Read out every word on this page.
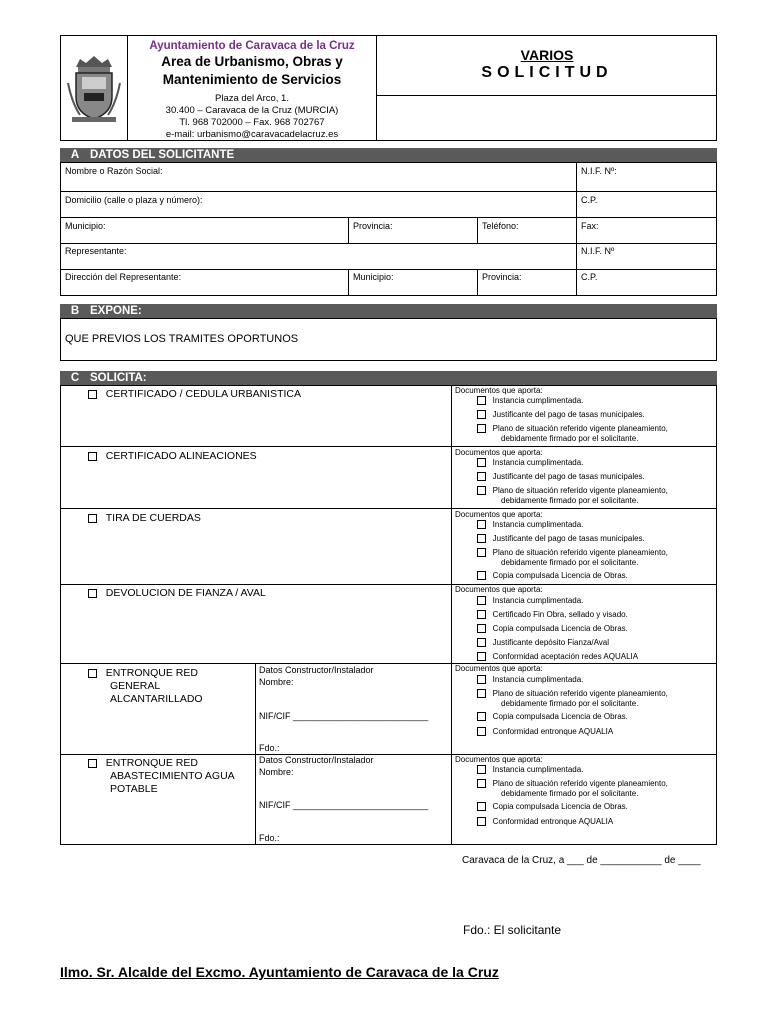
Ayuntamiento de Caravaca de la Cruz
Area de Urbanismo, Obras y
Mantenimiento de Servicios
Plaza del Arco, 1.
30.400 – Caravaca de la Cruz (MURCIA)
Tl. 968 702000 – Fax. 968 702767
e-mail: urbanismo@caravacadelacruz.es
VARIOS
SOLICITUD
A DATOS DEL SOLICITANTE
Nombre o Razón Social:	N.I.F. Nº:
Domicilio (calle o plaza y número):	C.P.
Municipio:	Provincia:	Teléfono:	Fax:
Representante:	N.I.F. Nº
Dirección del Representante:	Municipio:	Provincia:	C.P.
B EXPONE:
QUE PREVIOS LOS TRAMITES OPORTUNOS
C SOLICITA:
CERTIFICADO / CEDULA URBANISTICA	Documentos que aporta:
Instancia cumplimentada.
Justificante del pago de tasas municipales.
Plano de situación referido vigente planeamiento,
debidamente firmado por el solicitante.
CERTIFICADO ALINEACIONES	Documentos que aporta:
Instancia cumplimentada.
Justificante del pago de tasas municipales.
Plano de situación referido vigente planeamiento,
debidamente firmado por el solicitante.
TIRA DE CUERDAS	Documentos que aporta:
Instancia cumplimentada.
Justificante del pago de tasas municipales.
Plano de situación referido vigente planeamiento,
debidamente firmado por el solicitante.
Copia compulsada Licencia de Obras.
DEVOLUCION DE FIANZA / AVAL	Documentos que aporta:
Instancia cumplimentada.
Certificado Fin Obra, sellado y visado.
Copia compulsada Licencia de Obras.
Justificante depósito Fianza/Aval
Conformidad aceptación redes AQUALIA
ENTRONQUE RED
GENERAL
ALCANTARILLADO
Datos Constructor/Instalador
Nombre:
NIF/CIF ___________________________
Fdo.:
Documentos que aporta:
Instancia cumplimentada.
Plano de situación referido vigente planeamiento,
debidamente firmado por el solicitante.
Copia compulsada Licencia de Obras.
Conformidad entronque AQUALIA
ENTRONQUE RED
ABASTECIMIENTO AGUA
POTABLE
Datos Constructor/Instalador
Nombre:
NIF/CIF ___________________________
Fdo.:
Documentos que aporta:
Instancia cumplimentada.
Plano de situación referido vigente planeamiento,
debidamente firmado por el solicitante.
Copia compulsada Licencia de Obras.
Conformidad entronque AQUALIA
Caravaca de la Cruz, a ___ de ___________ de ____
Fdo.: El solicitante
Ilmo. Sr. Alcalde del Excmo. Ayuntamiento de Caravaca de la Cruz
